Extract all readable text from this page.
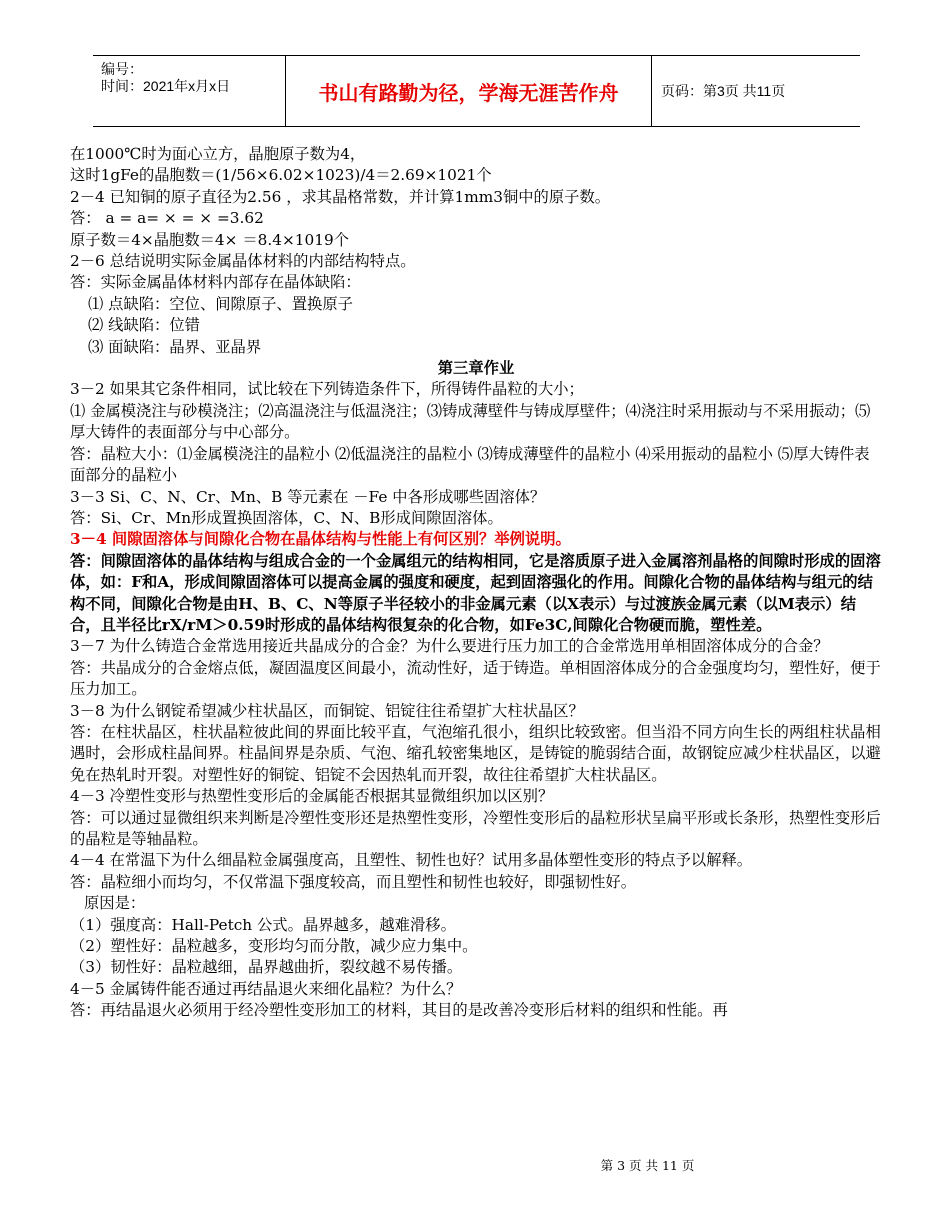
编号：
时间：2021年x月x日	书山有路勤为径，学海无涯苦作舟	页码：第3页 共11页

在1000℃时为面心立方，晶胞原子数为4，

这时1gFe的晶胞数＝(1/56×6.02×1023)/4＝2.69×1021个

2－4 已知铜的原子直径为2.56 ，求其晶格常数，并计算1mm3铜中的原子数。

答： a = a= × = × =3.62

原子数＝4×晶胞数＝4× ＝8.4×1019个

2－6 总结说明实际金属晶体材料的内部结构特点。

答：实际金属晶体材料内部存在晶体缺陷：

⑴ 点缺陷：空位、间隙原子、置换原子

⑵ 线缺陷：位错

⑶ 面缺陷：晶界、亚晶界

第三章作业

3－2 如果其它条件相同，试比较在下列铸造条件下，所得铸件晶粒的大小；

⑴ 金属模浇注与砂模浇注；⑵高温浇注与低温浇注；⑶铸成薄壁件与铸成厚壁件；⑷浇注时采用振动与不采用振动；⑸厚大铸件的表面部分与中心部分。

答：晶粒大小：⑴金属模浇注的晶粒小 ⑵低温浇注的晶粒小 ⑶铸成薄壁件的晶粒小 ⑷采用振动的晶粒小 ⑸厚大铸件表面部分的晶粒小

3－3 Si、C、N、Cr、Mn、B 等元素在 －Fe 中各形成哪些固溶体？

答：Si、Cr、Mn形成置换固溶体，C、N、B形成间隙固溶体。

3－4 间隙固溶体与间隙化合物在晶体结构与性能上有何区别？举例说明。

答：间隙固溶体的晶体结构与组成合金的一个金属组元的结构相同，它是溶质原子进入金属溶剂晶格的间隙时形成的固溶体，如：F和A，形成间隙固溶体可以提高金属的强度和硬度，起到固溶强化的作用。间隙化合物的晶体结构与组元的结构不同，间隙化合物是由H、B、C、N等原子半径较小的非金属元素（以X表示）与过渡族金属元素（以M表示）结合，且半径比rX/rM＞0.59时形成的晶体结构很复杂的化合物，如Fe3C,间隙化合物硬而脆，塑性差。

3－7 为什么铸造合金常选用接近共晶成分的合金？为什么要进行压力加工的合金常选用单相固溶体成分的合金？

答：共晶成分的合金熔点低，凝固温度区间最小，流动性好，适于铸造。单相固溶体成分的合金强度均匀，塑性好，便于压力加工。

3－8 为什么钢锭希望减少柱状晶区，而铜锭、铝锭往往希望扩大柱状晶区？

答：在柱状晶区，柱状晶粒彼此间的界面比较平直，气泡缩孔很小，组织比较致密。但当沿不同方向生长的两组柱状晶相遇时，会形成柱晶间界。柱晶间界是杂质、气泡、缩孔较密集地区，是铸锭的脆弱结合面，故钢锭应减少柱状晶区，以避免在热轧时开裂。对塑性好的铜锭、铝锭不会因热轧而开裂，故往往希望扩大柱状晶区。

4－3 冷塑性变形与热塑性变形后的金属能否根据其显微组织加以区别？

答：可以通过显微组织来判断是冷塑性变形还是热塑性变形，冷塑性变形后的晶粒形状呈扁平形或长条形，热塑性变形后的晶粒是等轴晶粒。

4－4 在常温下为什么细晶粒金属强度高，且塑性、韧性也好？试用多晶体塑性变形的特点予以解释。

答：晶粒细小而均匀，不仅常温下强度较高，而且塑性和韧性也较好，即强韧性好。

原因是：

（1）强度高：Hall-Petch 公式。晶界越多，越难滑移。

（2）塑性好：晶粒越多，变形均匀而分散，减少应力集中。

（3）韧性好：晶粒越细，晶界越曲折，裂纹越不易传播。

4－5 金属铸件能否通过再结晶退火来细化晶粒？为什么？

答：再结晶退火必须用于经冷塑性变形加工的材料，其目的是改善冷变形后材料的组织和性能。再

第 3 页 共 11 页
